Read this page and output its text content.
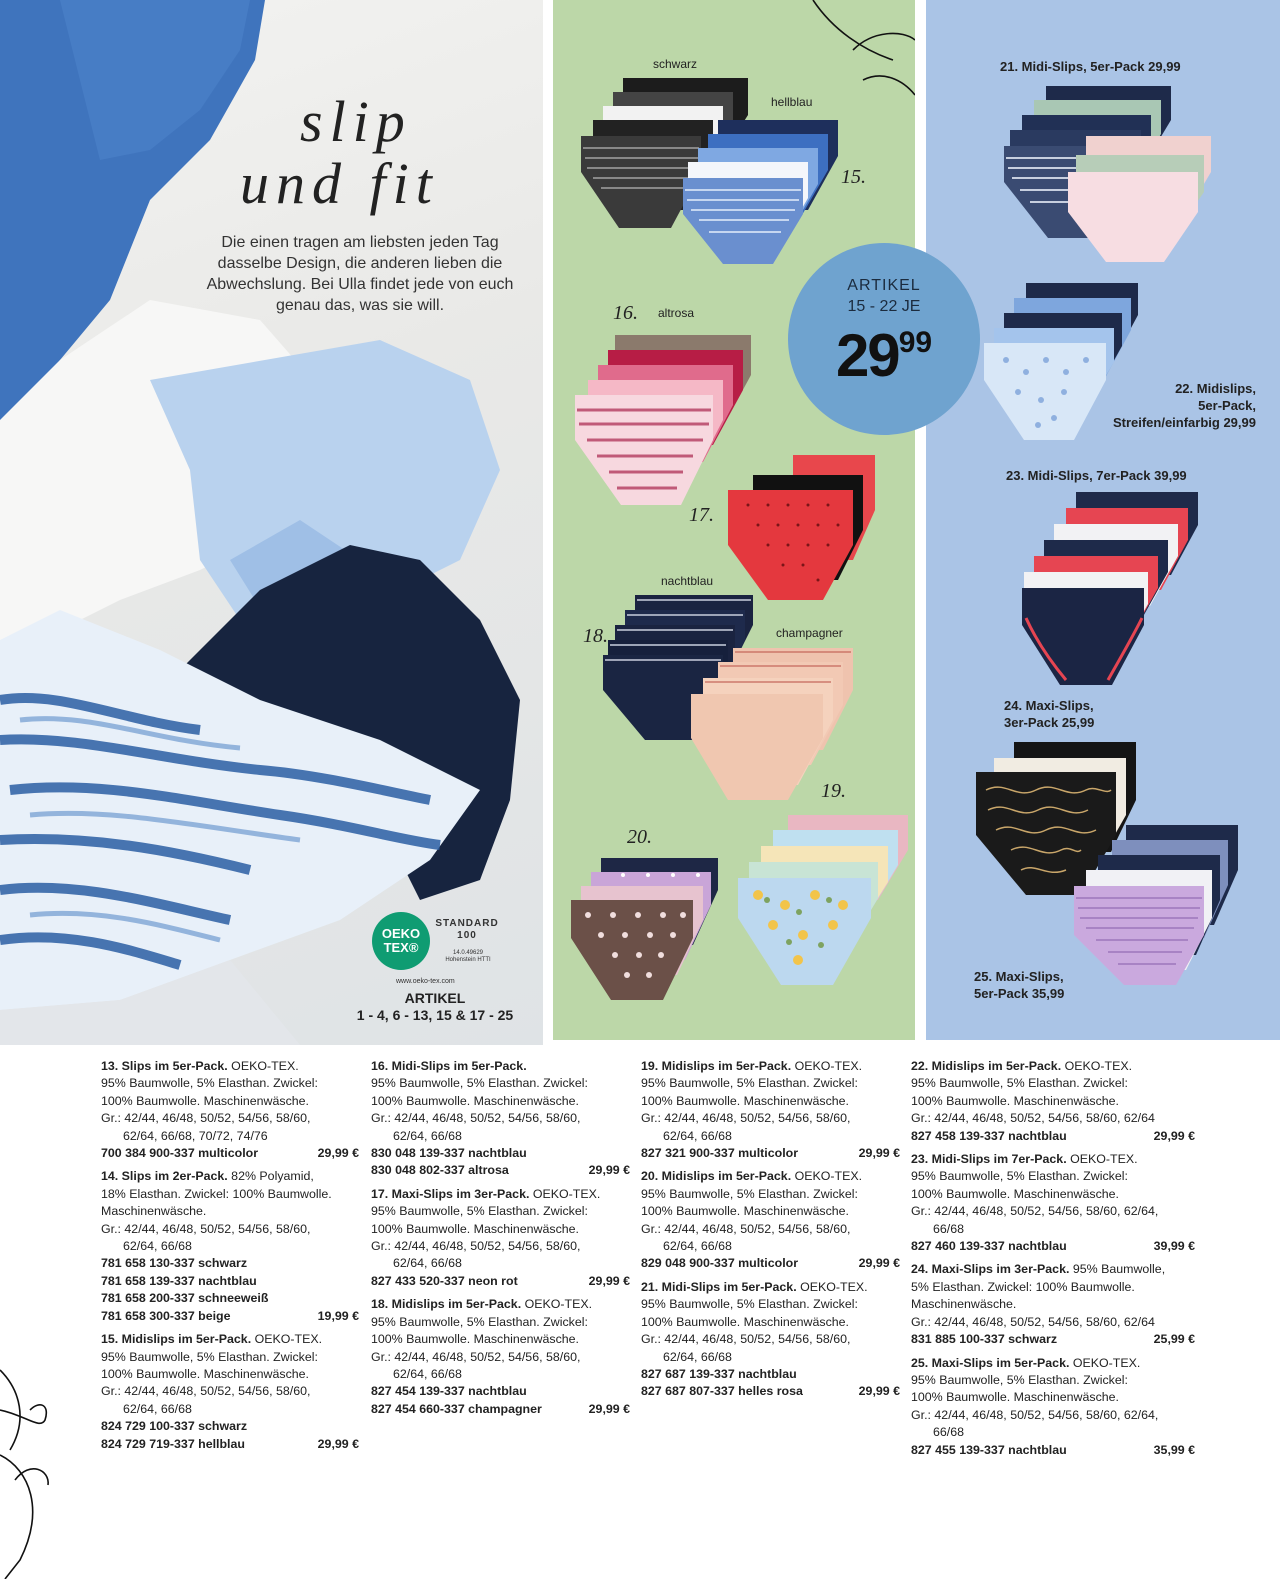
slip
und fit
Die einen tragen am liebsten jeden Tag dasselbe Design, die anderen lieben die Abwechslung. Bei Ulla findet jede von euch genau das, was sie will.
OEKO
TEX®
STANDARD
100
14.0.49629
Hohenstein HTTI
www.oeko-tex.com
ARTIKEL
1 - 4, 6 - 13, 15 & 17 - 25
schwarz
hellblau
15.
16. altrosa
17.
nachtblau
18.	champagner
19.
20.
21. Midi-Slips, 5er-Pack 29,99
22. Midislips,
5er-Pack,
Streifen/einfarbig 29,99
23. Midi-Slips, 7er-Pack 39,99
24. Maxi-Slips,
3er-Pack 25,99
25. Maxi-Slips,
5er-Pack 35,99
ARTIKEL
15 - 22 JE
$29^{99}$
13. Slips im 5er-Pack. OEKO-TEX.
95% Baumwolle, 5% Elasthan. Zwickel:
100% Baumwolle. Maschinenwäsche.
Gr.: 42/44, 46/48, 50/52, 54/56, 58/60,
62/64, 66/68, 70/72, 74/76
700 384 900-337 multicolor	29,99 €
14. Slips im 2er-Pack. 82% Polyamid,
18% Elasthan. Zwickel: 100% Baumwolle.
Maschinenwäsche.
Gr.: 42/44, 46/48, 50/52, 54/56, 58/60,
62/64, 66/68
781 658 130-337 schwarz
781 658 139-337 nachtblau
781 658 200-337 schneeweiß
781 658 300-337 beige	19,99 €
15. Midislips im 5er-Pack. OEKO-TEX.
95% Baumwolle, 5% Elasthan. Zwickel:
100% Baumwolle. Maschinenwäsche.
Gr.: 42/44, 46/48, 50/52, 54/56, 58/60,
62/64, 66/68
824 729 100-337 schwarz
824 729 719-337 hellblau	29,99 €
16. Midi-Slips im 5er-Pack.
95% Baumwolle, 5% Elasthan. Zwickel:
100% Baumwolle. Maschinenwäsche.
Gr.: 42/44, 46/48, 50/52, 54/56, 58/60,
62/64, 66/68
830 048 139-337 nachtblau
830 048 802-337 altrosa	29,99 €
17. Maxi-Slips im 3er-Pack. OEKO-TEX.
95% Baumwolle, 5% Elasthan. Zwickel:
100% Baumwolle. Maschinenwäsche.
Gr.: 42/44, 46/48, 50/52, 54/56, 58/60,
62/64, 66/68
827 433 520-337 neon rot	29,99 €
18. Midislips im 5er-Pack. OEKO-TEX.
95% Baumwolle, 5% Elasthan. Zwickel:
100% Baumwolle. Maschinenwäsche.
Gr.: 42/44, 46/48, 50/52, 54/56, 58/60,
62/64, 66/68
827 454 139-337 nachtblau
827 454 660-337 champagner	29,99 €
19. Midislips im 5er-Pack. OEKO-TEX.
95% Baumwolle, 5% Elasthan. Zwickel:
100% Baumwolle. Maschinenwäsche.
Gr.: 42/44, 46/48, 50/52, 54/56, 58/60,
62/64, 66/68
827 321 900-337 multicolor	29,99 €
20. Midislips im 5er-Pack. OEKO-TEX.
95% Baumwolle, 5% Elasthan. Zwickel:
100% Baumwolle. Maschinenwäsche.
Gr.: 42/44, 46/48, 50/52, 54/56, 58/60,
62/64, 66/68
829 048 900-337 multicolor	29,99 €
21. Midi-Slips im 5er-Pack. OEKO-TEX.
95% Baumwolle, 5% Elasthan. Zwickel:
100% Baumwolle. Maschinenwäsche.
Gr.: 42/44, 46/48, 50/52, 54/56, 58/60,
62/64, 66/68
827 687 139-337 nachtblau
827 687 807-337 helles rosa	29,99 €
22. Midislips im 5er-Pack. OEKO-TEX.
95% Baumwolle, 5% Elasthan. Zwickel:
100% Baumwolle. Maschinenwäsche.
Gr.: 42/44, 46/48, 50/52, 54/56, 58/60, 62/64
827 458 139-337 nachtblau	29,99 €
23. Midi-Slips im 7er-Pack. OEKO-TEX.
95% Baumwolle, 5% Elasthan. Zwickel:
100% Baumwolle. Maschinenwäsche.
Gr.: 42/44, 46/48, 50/52, 54/56, 58/60, 62/64,
66/68
827 460 139-337 nachtblau	39,99 €
24. Maxi-Slips im 3er-Pack. 95% Baumwolle,
5% Elasthan. Zwickel: 100% Baumwolle.
Maschinenwäsche.
Gr.: 42/44, 46/48, 50/52, 54/56, 58/60, 62/64
831 885 100-337 schwarz	25,99 €
25. Maxi-Slips im 5er-Pack. OEKO-TEX.
95% Baumwolle, 5% Elasthan. Zwickel:
100% Baumwolle. Maschinenwäsche.
Gr.: 42/44, 46/48, 50/52, 54/56, 58/60, 62/64,
66/68
827 455 139-337 nachtblau	35,99 €
